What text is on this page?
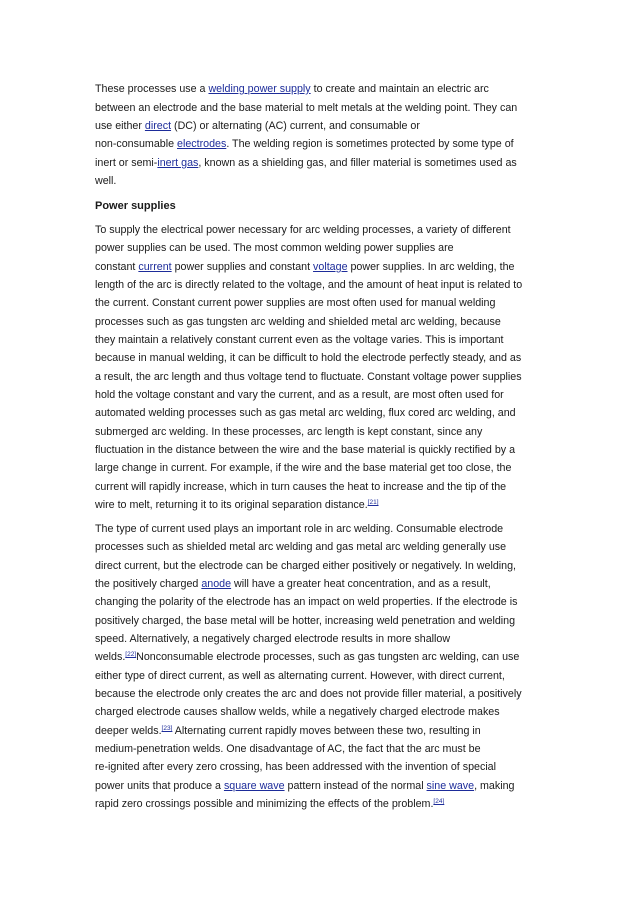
These processes use a welding power supply to create and maintain an electric arc
between an electrode and the base material to melt metals at the welding point. They can
use either direct (DC) or alternating (AC) current, and consumable or
non-consumable electrodes. The welding region is sometimes protected by some type of
inert or semi-inert gas, known as a shielding gas, and filler material is sometimes used as
well.
Power supplies
To supply the electrical power necessary for arc welding processes, a variety of different
power supplies can be used. The most common welding power supplies are
constant current power supplies and constant voltage power supplies. In arc welding, the
length of the arc is directly related to the voltage, and the amount of heat input is related to
the current. Constant current power supplies are most often used for manual welding
processes such as gas tungsten arc welding and shielded metal arc welding, because
they maintain a relatively constant current even as the voltage varies. This is important
because in manual welding, it can be difficult to hold the electrode perfectly steady, and as
a result, the arc length and thus voltage tend to fluctuate. Constant voltage power supplies
hold the voltage constant and vary the current, and as a result, are most often used for
automated welding processes such as gas metal arc welding, flux cored arc welding, and
submerged arc welding. In these processes, arc length is kept constant, since any
fluctuation in the distance between the wire and the base material is quickly rectified by a
large change in current. For example, if the wire and the base material get too close, the
current will rapidly increase, which in turn causes the heat to increase and the tip of the
wire to melt, returning it to its original separation distance.[21]
The type of current used plays an important role in arc welding. Consumable electrode
processes such as shielded metal arc welding and gas metal arc welding generally use
direct current, but the electrode can be charged either positively or negatively. In welding,
the positively charged anode will have a greater heat concentration, and as a result,
changing the polarity of the electrode has an impact on weld properties. If the electrode is
positively charged, the base metal will be hotter, increasing weld penetration and welding
speed. Alternatively, a negatively charged electrode results in more shallow
welds.[22]Nonconsumable electrode processes, such as gas tungsten arc welding, can use
either type of direct current, as well as alternating current. However, with direct current,
because the electrode only creates the arc and does not provide filler material, a positively
charged electrode causes shallow welds, while a negatively charged electrode makes
deeper welds.[23] Alternating current rapidly moves between these two, resulting in
medium-penetration welds. One disadvantage of AC, the fact that the arc must be
re-ignited after every zero crossing, has been addressed with the invention of special
power units that produce a square wave pattern instead of the normal sine wave, making
rapid zero crossings possible and minimizing the effects of the problem.[24]
